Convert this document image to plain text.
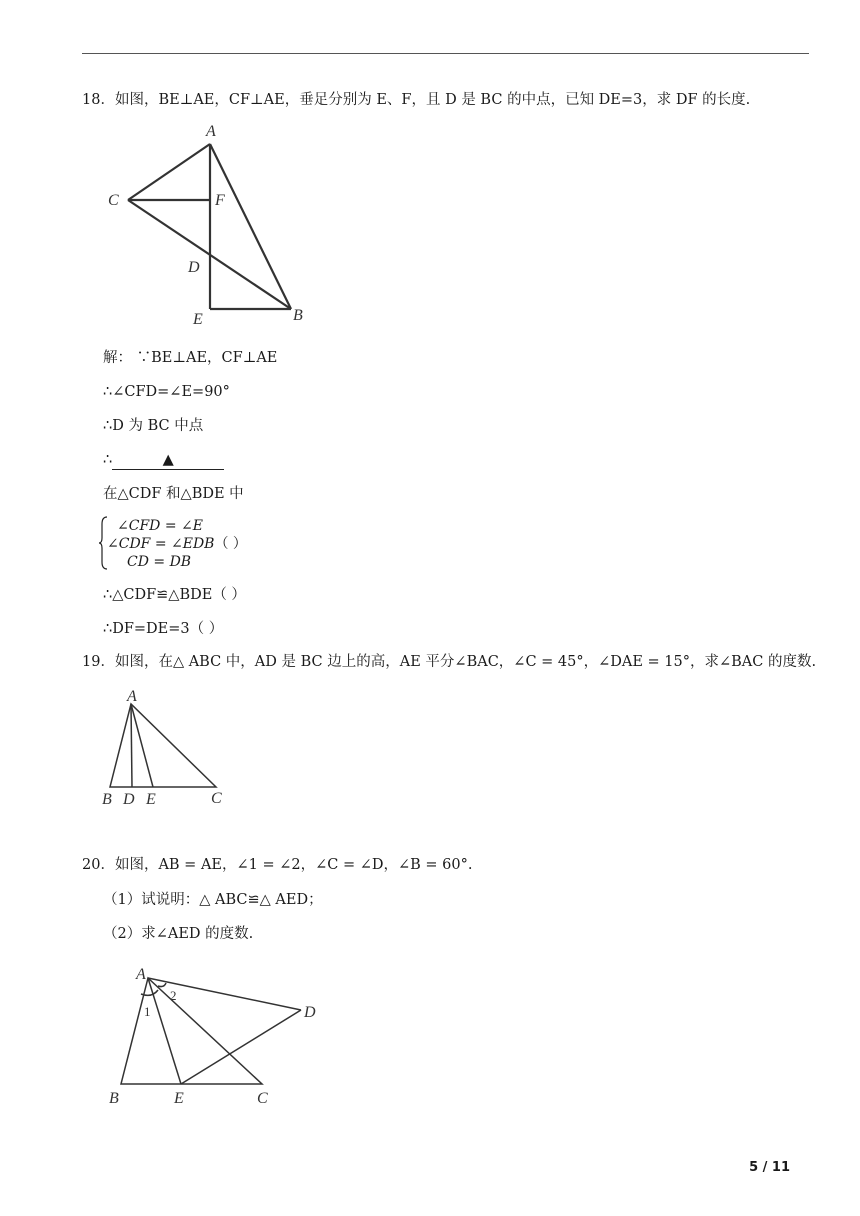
18．如图，BE⊥AE，CF⊥AE，垂足分别为 E、F，且 D 是 BC 的中点，已知 DE=3，求 DF 的长度.
A
C	F
D
E	B
解： ∵BE⊥AE，CF⊥AE
∴∠CFD=∠E=90°
∴D 为 BC 中点
∴	▲
在△CDF 和△BDE 中
∠CFD = ∠E
∠CDF = ∠EDB（ ）
CD = DB
∴△CDF≌△BDE（ ）
∴DF=DE=3（ ）
19．如图，在△ ABC 中，AD 是 BC 边上的高，AE 平分∠BAC，∠C = 45°，∠DAE = 15°，求∠BAC 的度数.
A
B D E	C
20．如图，AB = AE，∠1 = ∠2，∠C = ∠D，∠B = 60°.
（1）试说明：△ ABC≌△ AED；
（2）求∠AED 的度数.
A
2
1	D
B	E	C
5 / 11
